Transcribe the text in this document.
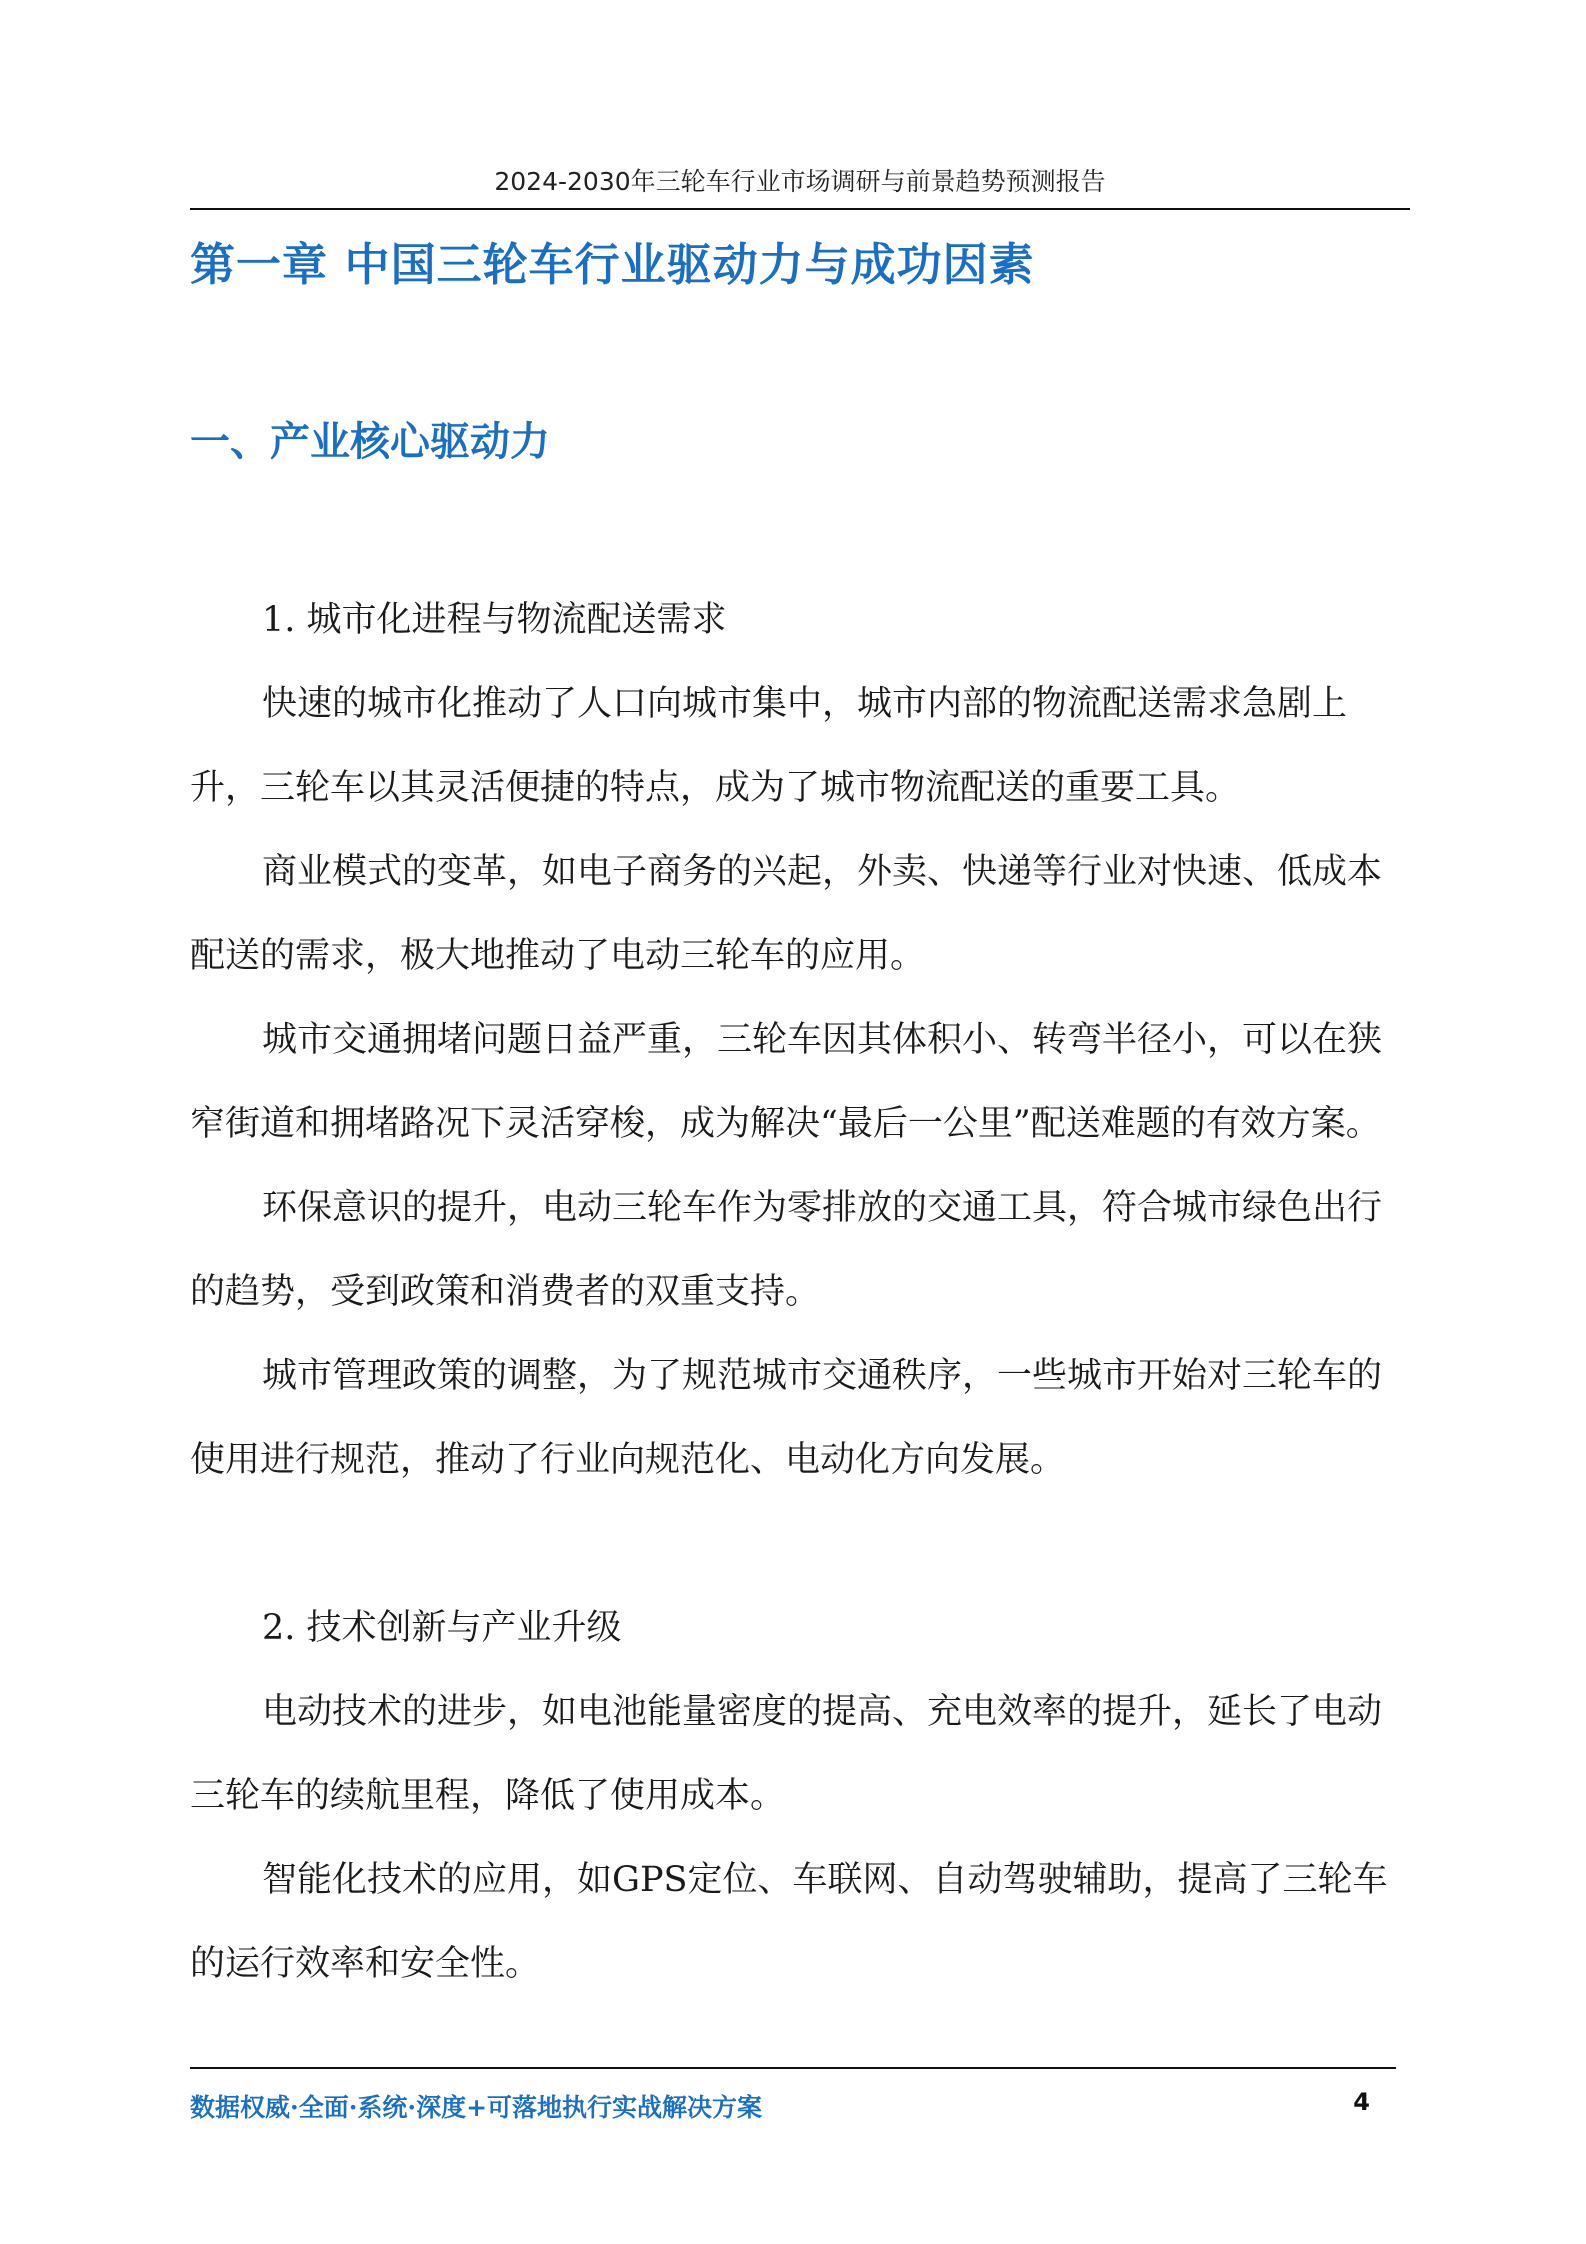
2024-2030年三轮车行业市场调研与前景趋势预测报告
第一章 中国三轮车行业驱动力与成功因素
一、产业核心驱动力

1. 城市化进程与物流配送需求

快速的城市化推动了人口向城市集中，城市内部的物流配送需求急剧上升，三轮车以其灵活便捷的特点，成为了城市物流配送的重要工具。

商业模式的变革，如电子商务的兴起，外卖、快递等行业对快速、低成本配送的需求，极大地推动了电动三轮车的应用。

城市交通拥堵问题日益严重，三轮车因其体积小、转弯半径小，可以在狭窄街道和拥堵路况下灵活穿梭，成为解决“最后一公里”配送难题的有效方案。

环保意识的提升，电动三轮车作为零排放的交通工具，符合城市绿色出行的趋势，受到政策和消费者的双重支持。

城市管理政策的调整，为了规范城市交通秩序，一些城市开始对三轮车的使用进行规范，推动了行业向规范化、电动化方向发展。

2. 技术创新与产业升级

电动技术的进步，如电池能量密度的提高、充电效率的提升，延长了电动三轮车的续航里程，降低了使用成本。

智能化技术的应用，如GPS定位、车联网、自动驾驶辅助，提高了三轮车的运行效率和安全性。

数据权威·全面·系统·深度+可落地执行实战解决方案	4
